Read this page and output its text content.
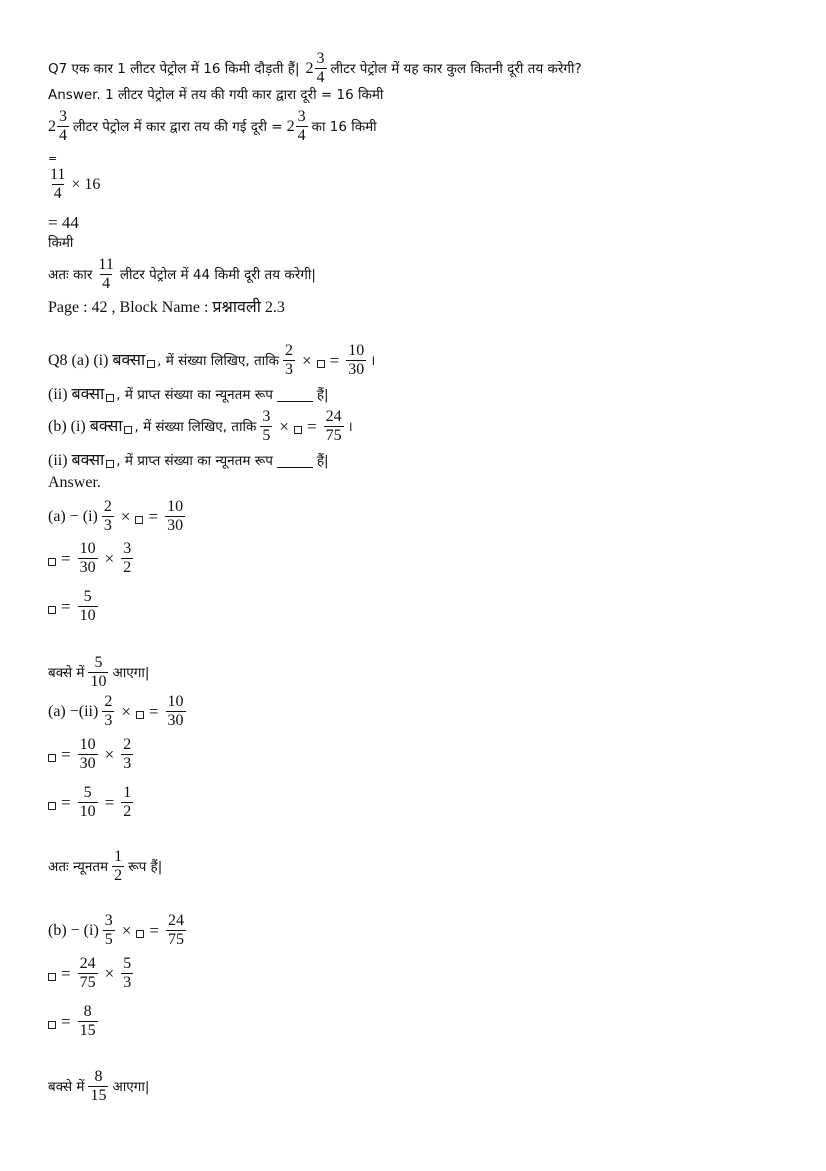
Q7 एक कार 1 लीटर पेट्रोल में 16 किमी दौड़ती हैं| $2 \frac{3}{4}$ लीटर पेट्रोल में यह कार कुल कितनी दूरी तय करेगी?
Answer. 1 लीटर पेट्रोल में तय की गयी कार द्वारा दूरी = 16 किमी
$2 \frac{3}{4}$ लीटर पेट्रोल में कार द्वारा तय की गई दूरी = $2 \frac{3}{4}$ का 16 किमी
=
$\frac{11}{4} \times 16$
= 44
किमी
अतः कार $\frac{11}{4}$ लीटर पेट्रोल में 44 किमी दूरी तय करेगी|
Page : 42 , Block Name : प्रश्नावली 2.3
Q8 (a) (i) बक्सा , में संख्या लिखिए, ताकि $\frac{2}{3}$ × = $\frac{10}{30}$ ।
(ii) बक्सा , में प्राप्त संख्या का न्यूनतम रूप	हैं|
(b) (i) बक्सा , में संख्या लिखिए, ताकि $\frac{3}{5}$ × = $\frac{24}{75}$ ।
(ii) बक्सा , में प्राप्त संख्या का न्यूनतम रूप	हैं|
Answer.
$(a) - (i) \frac{2}{3}$ × = $\frac{10}{30}$
= $\frac{10}{30} \times \frac{3}{2}$
= $\frac{5}{10}$
बक्से में $\frac{5}{10}$ आएगा|
$(a) -(ii) \frac{2}{3}$ × = $\frac{10}{30}$
= $\frac{10}{30} \times \frac{2}{3}$
= $\frac{5}{10} = \frac{1}{2}$
अतः न्यूनतम $\frac{1}{2}$ रूप हैं|
$(b) - (i) \frac{3}{5}$ × = $\frac{24}{75}$
= $\frac{24}{75} \times \frac{5}{3}$
= $\frac{8}{15}$
बक्से में $\frac{8}{15}$ आएगा|
